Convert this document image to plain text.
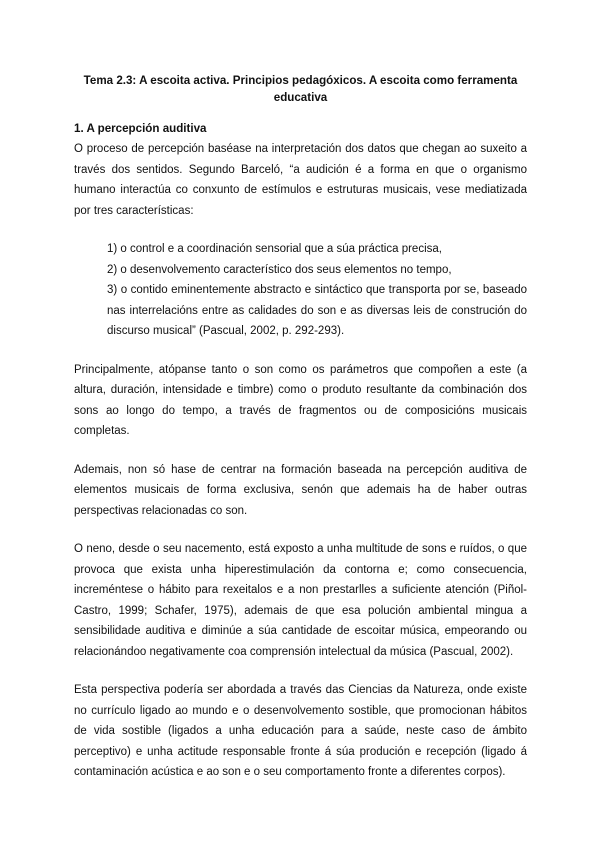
Tema 2.3: A escoita activa. Principios pedagóxicos. A escoita como ferramenta educativa
1. A percepción auditiva

O proceso de percepción baséase na interpretación dos datos que chegan ao suxeito a través dos sentidos. Segundo Barceló, “a audición é a forma en que o organismo humano interactúa co conxunto de estímulos e estruturas musicais, vese mediatizada por tres características:

1) o control e a coordinación sensorial que a súa práctica precisa,
2) o desenvolvemento característico dos seus elementos no tempo,
3) o contido eminentemente abstracto e sintáctico que transporta por se, baseado nas interrelacións entre as calidades do son e as diversas leis de construción do discurso musical” (Pascual, 2002, p. 292-293).

Principalmente, atópanse tanto o son como os parámetros que compoñen a este (a altura, duración, intensidade e timbre) como o produto resultante da combinación dos sons ao longo do tempo, a través de fragmentos ou de composicións musicais completas.

Ademais, non só hase de centrar na formación baseada na percepción auditiva de elementos musicais de forma exclusiva, senón que ademais ha de haber outras perspectivas relacionadas co son.

O neno, desde o seu nacemento, está exposto a unha multitude de sons e ruídos, o que provoca que exista unha hiperestimulación da contorna e; como consecuencia, increméntese o hábito para rexeitalos e a non prestarlles a suficiente atención (Piñol-Castro, 1999; Schafer, 1975), ademais de que esa polución ambiental mingua a sensibilidade auditiva e diminúe a súa cantidade de escoitar música, empeorando ou relacionándoo negativamente coa comprensión intelectual da música (Pascual, 2002).

Esta perspectiva podería ser abordada a través das Ciencias da Natureza, onde existe no currículo ligado ao mundo e o desenvolvemento sostible, que promocionan hábitos de vida sostible (ligados a unha educación para a saúde, neste caso de ámbito perceptivo) e unha actitude responsable fronte á súa produción e recepción (ligado á contaminación acústica e ao son e o seu comportamento fronte a diferentes corpos).
